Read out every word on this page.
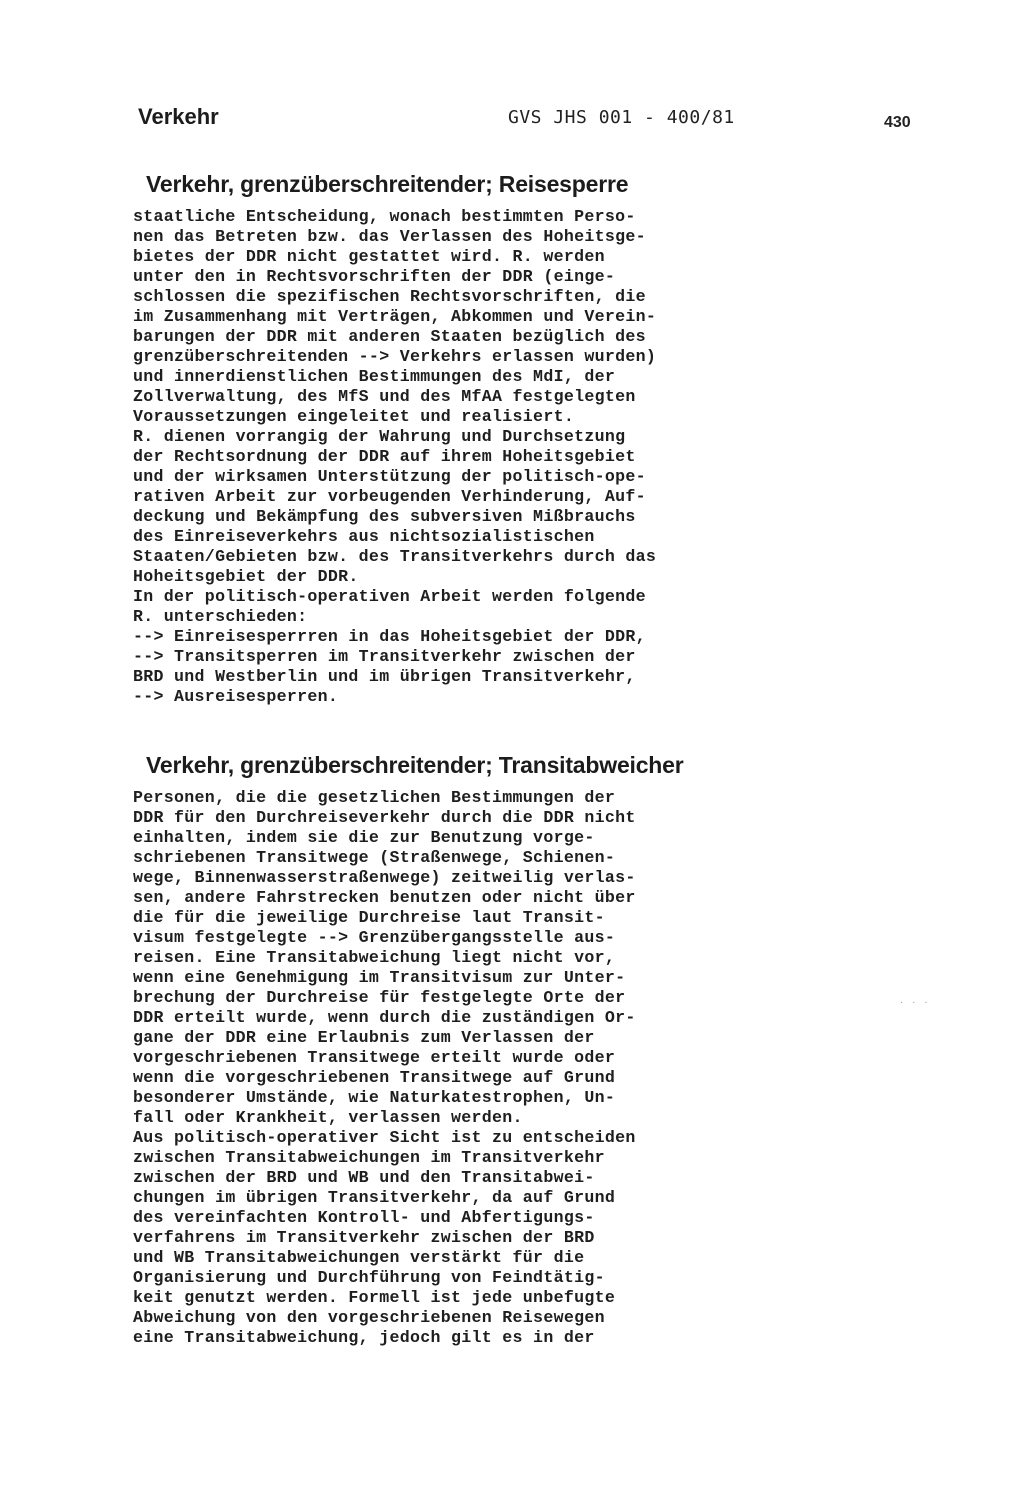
Verkehr	GVS JHS 001 - 400/81	430
Verkehr, grenzüberschreitender; Reisesperre
staatliche Entscheidung, wonach bestimmten Perso-
nen das Betreten bzw. das Verlassen des Hoheitsge-
bietes der DDR nicht gestattet wird. R. werden
unter den in Rechtsvorschriften der DDR (einge-
schlossen die spezifischen Rechtsvorschriften, die
im Zusammenhang mit Verträgen, Abkommen und Verein-
barungen der DDR mit anderen Staaten bezüglich des
grenzüberschreitenden --> Verkehrs erlassen wurden)
und innerdienstlichen Bestimmungen des MdI, der
Zollverwaltung, des MfS und des MfAA festgelegten
Voraussetzungen eingeleitet und realisiert.
R. dienen vorrangig der Wahrung und Durchsetzung
der Rechtsordnung der DDR auf ihrem Hoheitsgebiet
und der wirksamen Unterstützung der politisch-ope-
rativen Arbeit zur vorbeugenden Verhinderung, Auf-
deckung und Bekämpfung des subversiven Mißbrauchs
des Einreiseverkehrs aus nichtsozialistischen
Staaten/Gebieten bzw. des Transitverkehrs durch das
Hoheitsgebiet der DDR.
In der politisch-operativen Arbeit werden folgende
R. unterschieden:
--> Einreisesperrren in das Hoheitsgebiet der DDR,
--> Transitsperren im Transitverkehr zwischen der
BRD und Westberlin und im übrigen Transitverkehr,
--> Ausreisesperren.
Verkehr, grenzüberschreitender; Transitabweicher
Personen, die die gesetzlichen Bestimmungen der
DDR für den Durchreiseverkehr durch die DDR nicht
einhalten, indem sie die zur Benutzung vorge-
schriebenen Transitwege (Straßenwege, Schienen-
wege, Binnenwasserstraßenwege) zeitweilig verlas-
sen, andere Fahrstrecken benutzen oder nicht über
die für die jeweilige Durchreise laut Transit-
visum festgelegte --> Grenzübergangsstelle aus-
reisen. Eine Transitabweichung liegt nicht vor,
wenn eine Genehmigung im Transitvisum zur Unter-
brechung der Durchreise für festgelegte Orte der
DDR erteilt wurde, wenn durch die zuständigen Or-
gane der DDR eine Erlaubnis zum Verlassen der
vorgeschriebenen Transitwege erteilt wurde oder
wenn die vorgeschriebenen Transitwege auf Grund
besonderer Umstände, wie Naturkatestrophen, Un-
fall oder Krankheit, verlassen werden.
Aus politisch-operativer Sicht ist zu entscheiden
zwischen Transitabweichungen im Transitverkehr
zwischen der BRD und WB und den Transitabwei-
chungen im übrigen Transitverkehr, da auf Grund
des vereinfachten Kontroll- und Abfertigungs-
verfahrens im Transitverkehr zwischen der BRD
und WB Transitabweichungen verstärkt für die
Organisierung und Durchführung von Feindtätig-
keit genutzt werden. Formell ist jede unbefugte
Abweichung von den vorgeschriebenen Reisewegen
eine Transitabweichung, jedoch gilt es in der
· · ·
